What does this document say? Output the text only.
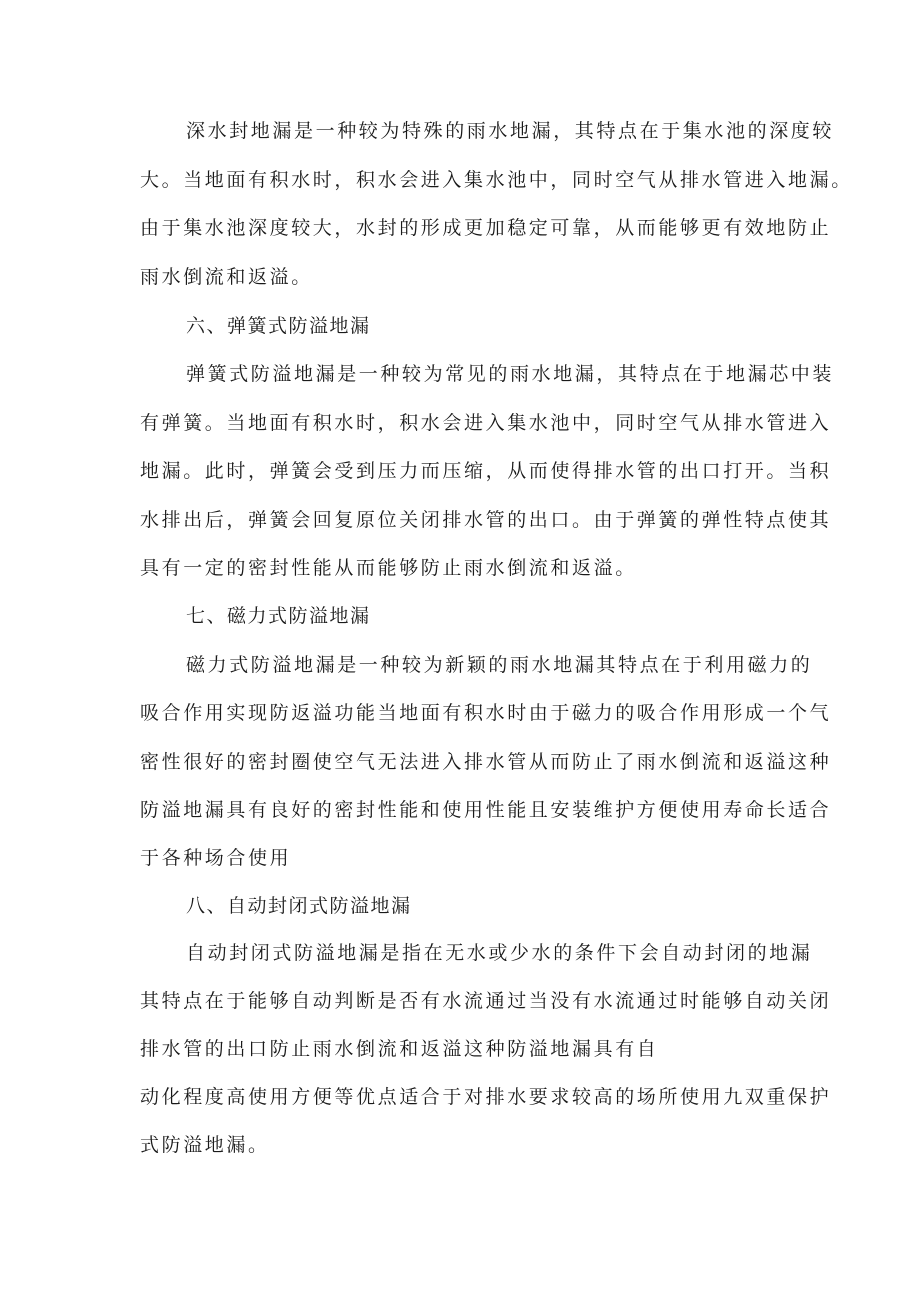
深水封地漏是一种较为特殊的雨水地漏，其特点在于集水池的深度较
大。当地面有积水时，积水会进入集水池中，同时空气从排水管进入地漏。
由于集水池深度较大，水封的形成更加稳定可靠，从而能够更有效地防止
雨水倒流和返溢。
六、弹簧式防溢地漏
弹簧式防溢地漏是一种较为常见的雨水地漏，其特点在于地漏芯中装
有弹簧。当地面有积水时，积水会进入集水池中，同时空气从排水管进入
地漏。此时，弹簧会受到压力而压缩，从而使得排水管的出口打开。当积
水排出后，弹簧会回复原位关闭排水管的出口。由于弹簧的弹性特点使其
具有一定的密封性能从而能够防止雨水倒流和返溢。
七、磁力式防溢地漏
磁力式防溢地漏是一种较为新颖的雨水地漏其特点在于利用磁力的
吸合作用实现防返溢功能当地面有积水时由于磁力的吸合作用形成一个气
密性很好的密封圈使空气无法进入排水管从而防止了雨水倒流和返溢这种
防溢地漏具有良好的密封性能和使用性能且安装维护方便使用寿命长适合
于各种场合使用
八、自动封闭式防溢地漏
自动封闭式防溢地漏是指在无水或少水的条件下会自动封闭的地漏
其特点在于能够自动判断是否有水流通过当没有水流通过时能够自动关闭
排水管的出口防止雨水倒流和返溢这种防溢地漏具有自
动化程度高使用方便等优点适合于对排水要求较高的场所使用九双重保护
式防溢地漏。
